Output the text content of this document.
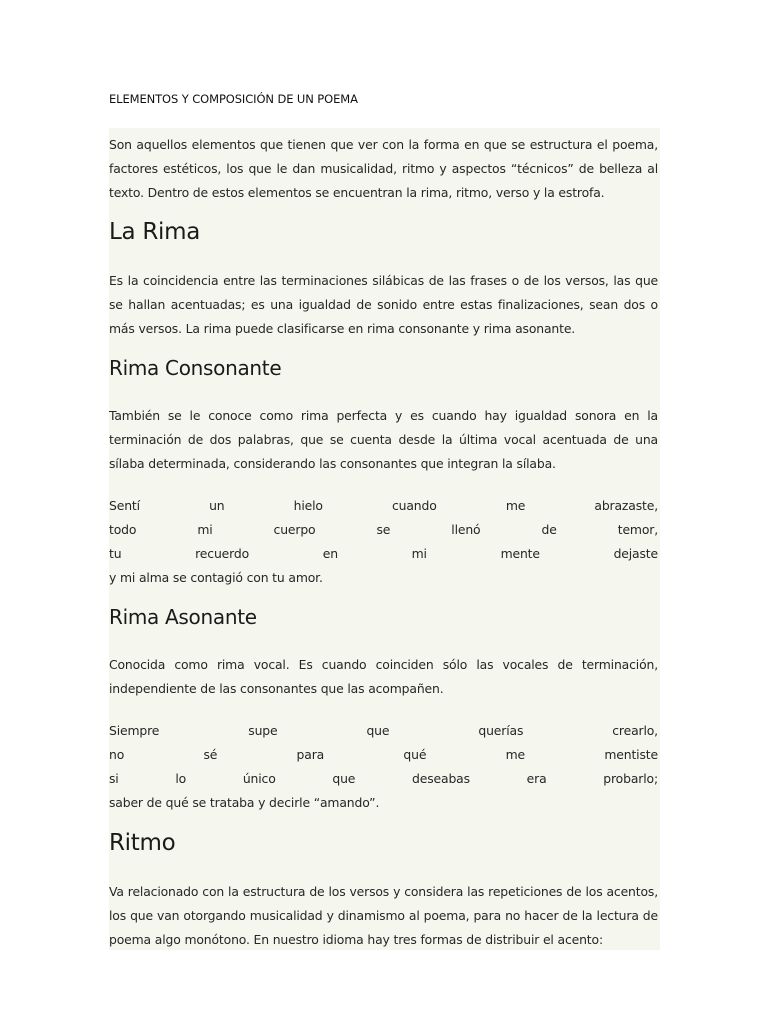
ELEMENTOS Y COMPOSICIÓN DE UN POEMA

Son aquellos elementos que tienen que ver con la forma en que se estructura el poema, factores estéticos, los que le dan musicalidad, ritmo y aspectos “técnicos” de belleza al texto. Dentro de estos elementos se encuentran la rima, ritmo, verso y la estrofa.

La Rima

Es la coincidencia entre las terminaciones silábicas de las frases o de los versos, las que se hallan acentuadas; es una igualdad de sonido entre estas finalizaciones, sean dos o más versos. La rima puede clasificarse en rima consonante y rima asonante.

Rima Consonante

También se le conoce como rima perfecta y es cuando hay igualdad sonora en la terminación de dos palabras, que se cuenta desde la última vocal acentuada de una sílaba determinada, considerando las consonantes que integran la sílaba.

Sentí	un	hielo	cuando	me	abrazaste,
todo	mi	cuerpo	se	llenó	de	temor,
tu	recuerdo	en	mi	mente	dejaste
y mi alma se contagió con tu amor.
Rima Asonante

Conocida como rima vocal. Es cuando coinciden sólo las vocales de terminación, independiente de las consonantes que las acompañen.

Siempre	supe	que	querías	crearlo,
no	sé	para	qué	me	mentiste
si	lo	único	que	deseabas	era	probarlo;
saber de qué se trataba y decirle “amando”.
Ritmo

Va relacionado con la estructura de los versos y considera las repeticiones de los acentos, los que van otorgando musicalidad y dinamismo al poema, para no hacer de la lectura de poema algo monótono. En nuestro idioma hay tres formas de distribuir el acento:
